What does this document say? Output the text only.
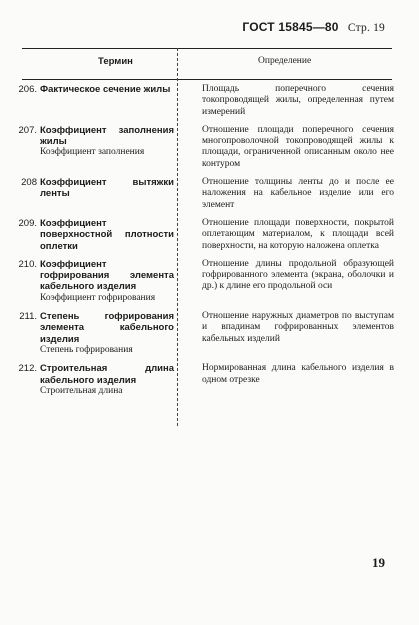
ГОСТ 15845—80 Стр. 19
Термин	Определение
206. Фактическое сечение жилы	Площадь поперечного сечения токопроводящей жилы, определенная путем измерений
207. Коэффициент заполнения жилы
Коэффициент заполнения
Отношение площади поперечного сечения многопроволочной токопроводящей жилы к площади, ограниченной описанным около нее контуром
208 Коэффициент вытяжки ленты
Отношение толщины ленты до и после ее наложения на кабельное изделие или его элемент
209. Коэффициент поверхностной плотности оплетки
Отношение площади поверхности, покрытой оплетающим материалом, к площади всей поверхности, на которую наложена оплетка
210. Коэффициент гофрирования элемента кабельного изделия
Коэффициент гофрирования
Отношение длины продольной образующей гофрированного элемента (экрана, оболочки и др.) к длине его продольной оси
211. Степень гофрирования элемента кабельного изделия
Степень гофрирования
Отношение наружных диаметров по выступам и впадинам гофрированных элементов кабельных изделий
212. Строительная длина кабельного изделия
Строительная длина
Нормированная длина кабельного изделия в одном отрезке
19
